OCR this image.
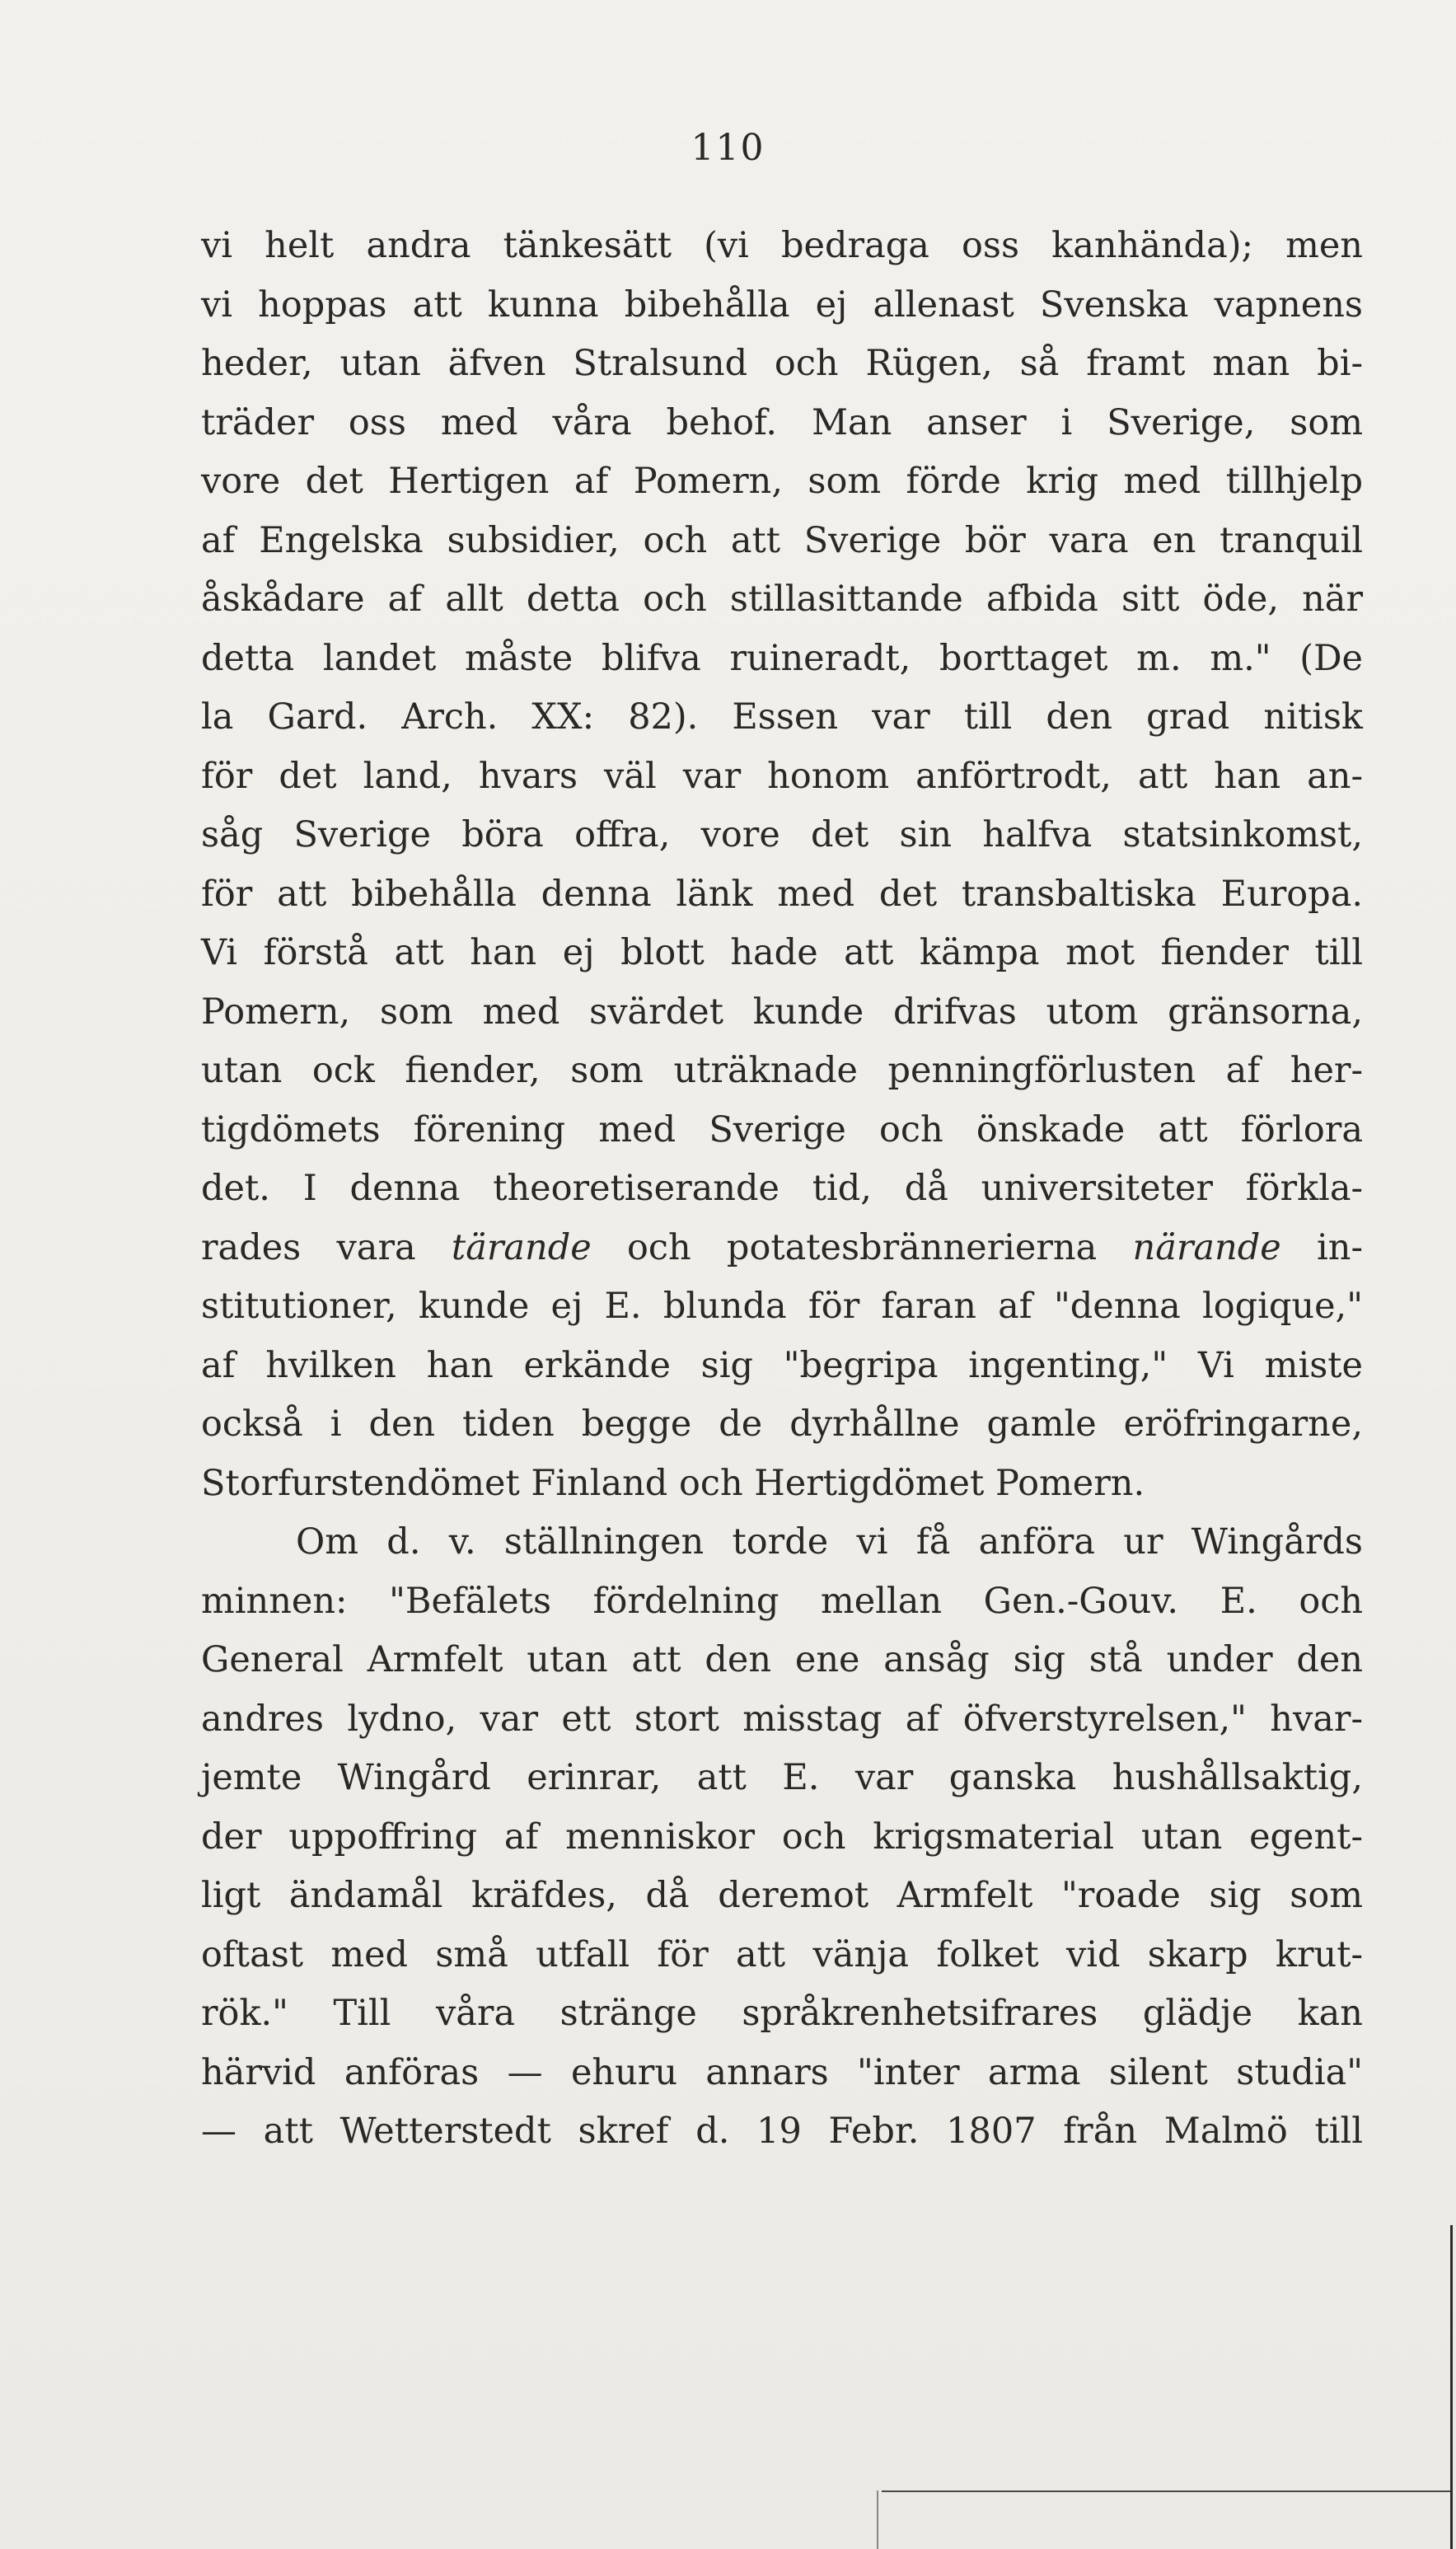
110
vi helt andra tänkesätt (vi bedraga oss kanhända); men
vi hoppas att kunna bibehålla ej allenast Svenska vapnens
heder, utan äfven Stralsund och Rügen, så framt man bi-
träder oss med våra behof. Man anser i Sverige, som
vore det Hertigen af Pomern, som förde krig med tillhjelp
af Engelska subsidier, och att Sverige bör vara en tranquil
åskådare af allt detta och stillasittande afbida sitt öde, när
detta landet måste blifva ruineradt, borttaget m. m." (De
la Gard. Arch. XX: 82). Essen var till den grad nitisk
för det land, hvars väl var honom anförtrodt, att han an-
såg Sverige böra offra, vore det sin halfva statsinkomst,
för att bibehålla denna länk med det transbaltiska Europa.
Vi förstå att han ej blott hade att kämpa mot fiender till
Pomern, som med svärdet kunde drifvas utom gränsorna,
utan ock fiender, som uträknade penningförlusten af her-
tigdömets förening med Sverige och önskade att förlora
det. I denna theoretiserande tid, då universiteter förkla-
rades vara tärande och potatesbrännerierna närande in-
stitutioner, kunde ej E. blunda för faran af "denna logique,"
af hvilken han erkände sig "begripa ingenting," Vi miste
också i den tiden begge de dyrhållne gamle eröfringarne,
Storfurstendömet Finland och Hertigdömet Pomern.
Om d. v. ställningen torde vi få anföra ur Wingårds
minnen: "Befälets fördelning mellan Gen.-Gouv. E. och
General Armfelt utan att den ene ansåg sig stå under den
andres lydno, var ett stort misstag af öfverstyrelsen," hvar-
jemte Wingård erinrar, att E. var ganska hushållsaktig,
der uppoffring af menniskor och krigsmaterial utan egent-
ligt ändamål kräfdes, då deremot Armfelt "roade sig som
oftast med små utfall för att vänja folket vid skarp krut-
rök." Till våra stränge språkrenhetsifrares glädje kan
härvid anföras — ehuru annars "inter arma silent studia"
— att Wetterstedt skref d. 19 Febr. 1807 från Malmö till
